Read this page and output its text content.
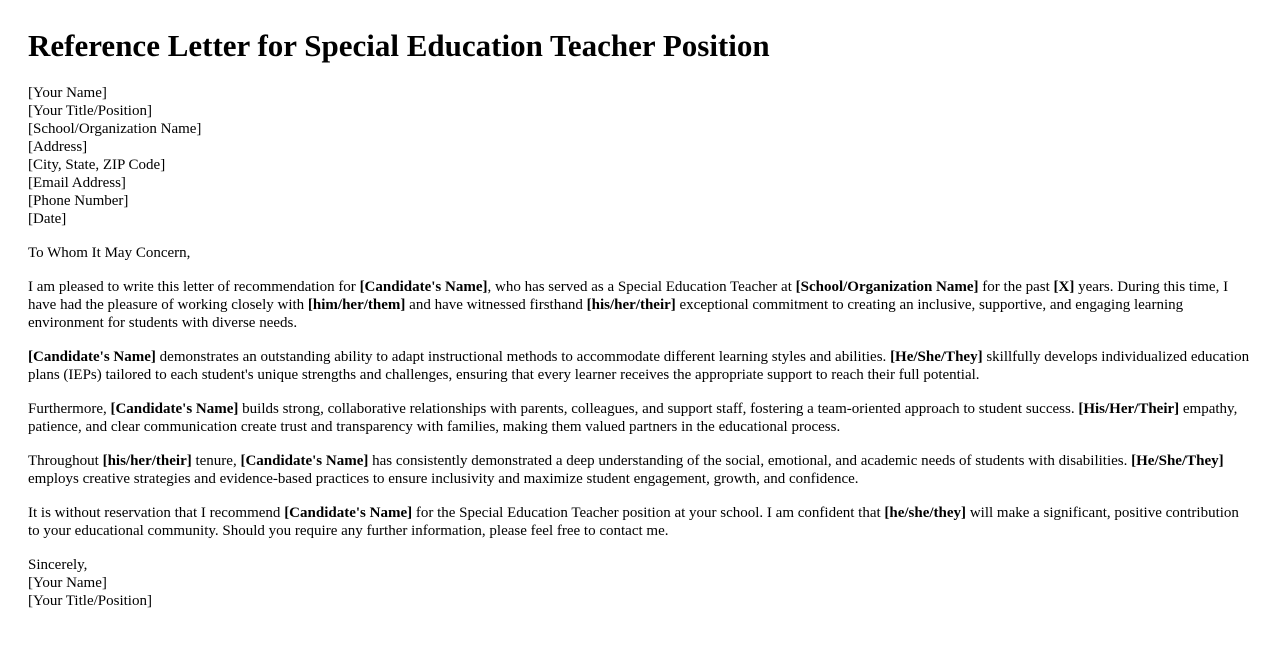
Reference Letter for Special Education Teacher Position
[Your Name]
[Your Title/Position]
[School/Organization Name]
[Address]
[City, State, ZIP Code]
[Email Address]
[Phone Number]
[Date]

To Whom It May Concern,

I am pleased to write this letter of recommendation for [Candidate's Name], who has served as a Special Education Teacher at [School/Organization Name] for the past [X] years. During this time, I have had the pleasure of working closely with [him/her/them] and have witnessed firsthand [his/her/their] exceptional commitment to creating an inclusive, supportive, and engaging learning environment for students with diverse needs.

[Candidate's Name] demonstrates an outstanding ability to adapt instructional methods to accommodate different learning styles and abilities. [He/She/They] skillfully develops individualized education plans (IEPs) tailored to each student's unique strengths and challenges, ensuring that every learner receives the appropriate support to reach their full potential.

Furthermore, [Candidate's Name] builds strong, collaborative relationships with parents, colleagues, and support staff, fostering a team-oriented approach to student success. [His/Her/Their] empathy, patience, and clear communication create trust and transparency with families, making them valued partners in the educational process.

Throughout [his/her/their] tenure, [Candidate's Name] has consistently demonstrated a deep understanding of the social, emotional, and academic needs of students with disabilities. [He/She/They] employs creative strategies and evidence-based practices to ensure inclusivity and maximize student engagement, growth, and confidence.

It is without reservation that I recommend [Candidate's Name] for the Special Education Teacher position at your school. I am confident that [he/she/they] will make a significant, positive contribution to your educational community. Should you require any further information, please feel free to contact me.

Sincerely,
[Your Name]
[Your Title/Position]
